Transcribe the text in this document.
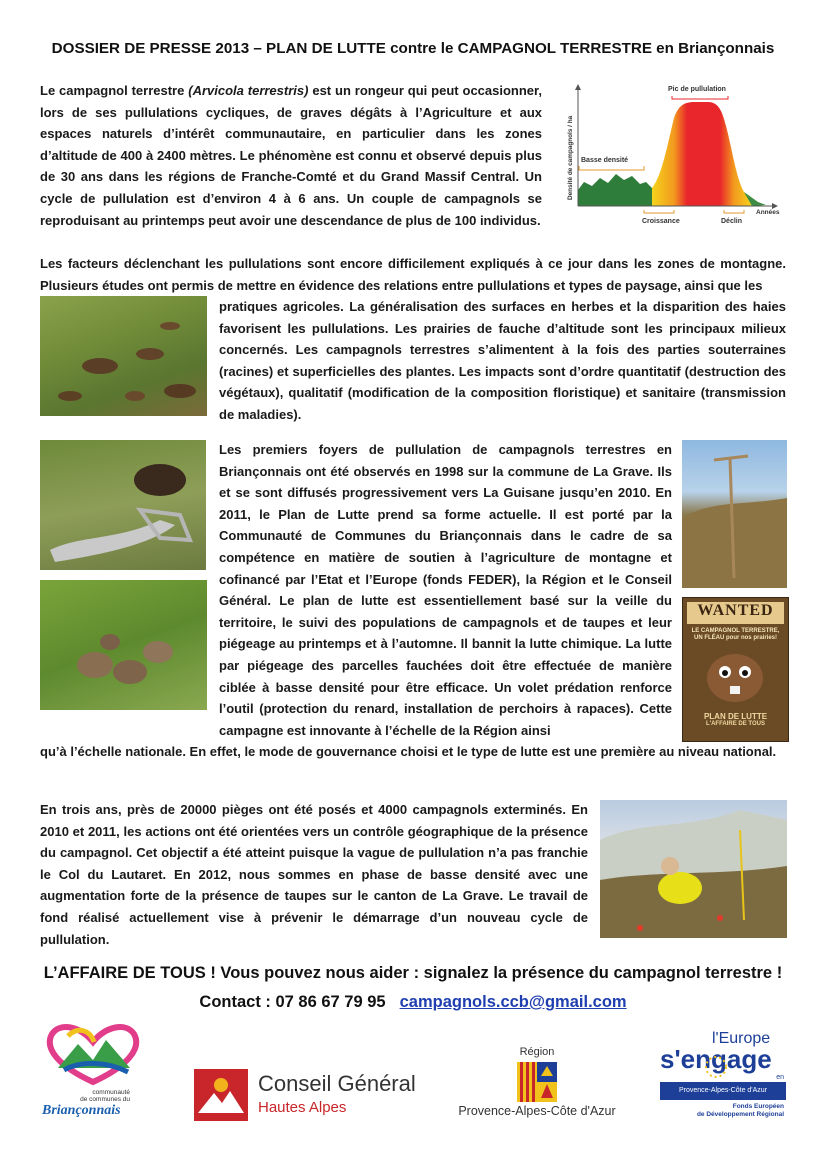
DOSSIER DE PRESSE 2013 – PLAN DE LUTTE contre le CAMPAGNOL TERRESTRE en Briançonnais

Le campagnol terrestre (Arvicola terrestris) est un rongeur qui peut occasionner, lors de ses pullulations cycliques, de graves dégâts à l’Agriculture et aux espaces naturels d’intérêt communautaire, en particulier dans les zones d’altitude de 400 à 2400 mètres. Le phénomène est connu et observé depuis plus de 30 ans dans les régions de Franche-Comté et du Grand Massif Central. Un cycle de pullulation est d’environ 4 à 6 ans. Un couple de campagnols se reproduisant au printemps peut avoir une descendance de plus de 100 individus.

Densité de campagnols / ha
Années
Basse densité
Pic de pullulation
Croissance	Déclin

Les facteurs déclenchant les pullulations sont encore difficilement expliqués à ce jour dans les zones de montagne. Plusieurs études ont permis de mettre en évidence des relations entre pullulations et types de paysage, ainsi que les

pratiques agricoles. La généralisation des surfaces en herbes et la disparition des haies favorisent les pullulations. Les prairies de fauche d’altitude sont les principaux milieux concernés. Les campagnols terrestres s’alimentent à la fois des parties souterraines (racines) et superficielles des plantes. Les impacts sont d’ordre quantitatif (destruction des végétaux), qualitatif (modification de la composition floristique) et sanitaire (transmission de maladies).

WANTED
LE CAMPAGNOL TERRESTRE, UN FLÉAU pour nos prairies!
PLAN DE LUTTE
L'AFFAIRE DE TOUS

Les premiers foyers de pullulation de campagnols terrestres en Briançonnais ont été observés en 1998 sur la commune de La Grave. Ils et se sont diffusés progressivement vers La Guisane jusqu’en 2010. En 2011, le Plan de Lutte prend sa forme actuelle. Il est porté par la Communauté de Communes du Briançonnais dans le cadre de sa compétence en matière de soutien à l’agriculture de montagne et cofinancé par l’Etat et l’Europe (fonds FEDER), la Région et le Conseil Général. Le plan de lutte est essentiellement basé sur la veille du territoire, le suivi des populations de campagnols et de taupes et leur piégeage au printemps et à l’automne. Il bannit la lutte chimique. La lutte par piégeage des parcelles fauchées doit être effectuée de manière ciblée à basse densité pour être efficace. Un volet prédation renforce l’outil (protection du renard, installation de perchoirs à rapaces). Cette campagne est innovante à l’échelle de la Région ainsi

qu’à l’échelle nationale. En effet, le mode de gouvernance choisi et le type de lutte est une première au niveau national.

En trois ans, près de 20000 pièges ont été posés et 4000 campagnols exterminés. En 2010 et 2011, les actions ont été orientées vers un contrôle géographique de la présence du campagnol. Cet objectif a été atteint puisque la vague de pullulation n’a pas franchie le Col du Lautaret. En 2012, nous sommes en phase de basse densité avec une augmentation forte de la présence de taupes sur le canton de La Grave. Le travail de fond réalisé actuellement vise à prévenir le démarrage d’un nouveau cycle de pullulation.

L’AFFAIRE DE TOUS ! Vous pouvez nous aider : signalez la présence du campagnol terrestre !
Contact : 07 86 67 79 95 campagnols.ccb@gmail.com
communauté
de communes du
Briançonnais
Conseil Général
Hautes Alpes
Région
Provence-Alpes-Côte d'Azur
l'Europe
s'engage
en
Provence-Alpes-Côte d'Azur
Fonds Européen
de Développement Régional
